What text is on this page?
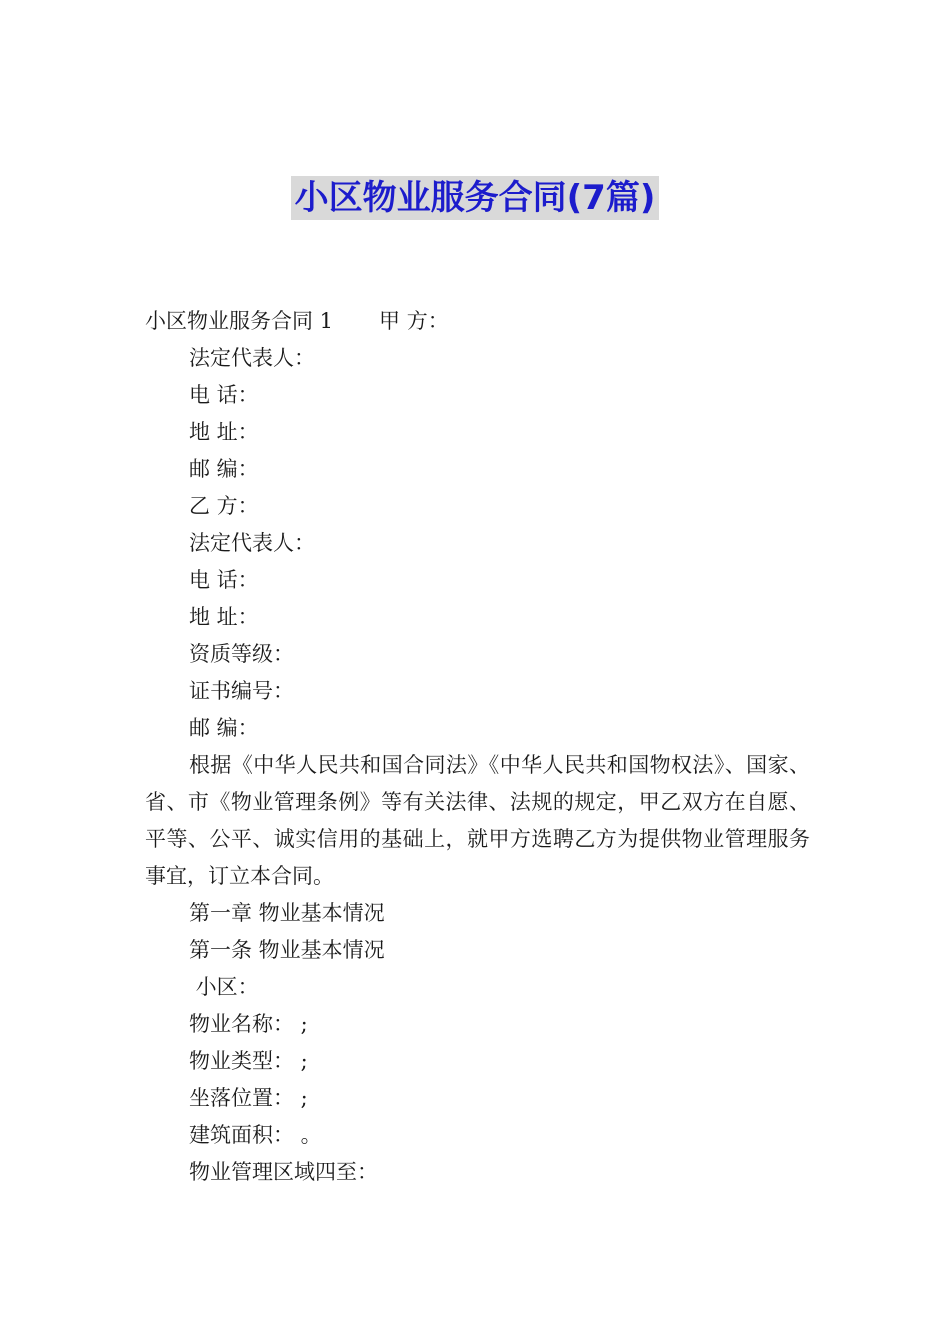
小区物业服务合同(7篇)

小区物业服务合同 1 甲 方：

法定代表人：

电 话：

地 址：

邮 编：

乙 方：

法定代表人：

电 话：

地 址：

资质等级：

证书编号：

邮 编：

根据《中华人民共和国合同法》《中华人民共和国物权法》、国家、省、市《物业管理条例》等有关法律、法规的规定，甲乙双方在自愿、平等、公平、诚实信用的基础上，就甲方选聘乙方为提供物业管理服务事宜，订立本合同。

第一章 物业基本情况

第一条 物业基本情况

小区：

物业名称： ;

物业类型： ;

坐落位置： ;

建筑面积： 。

物业管理区域四至：
